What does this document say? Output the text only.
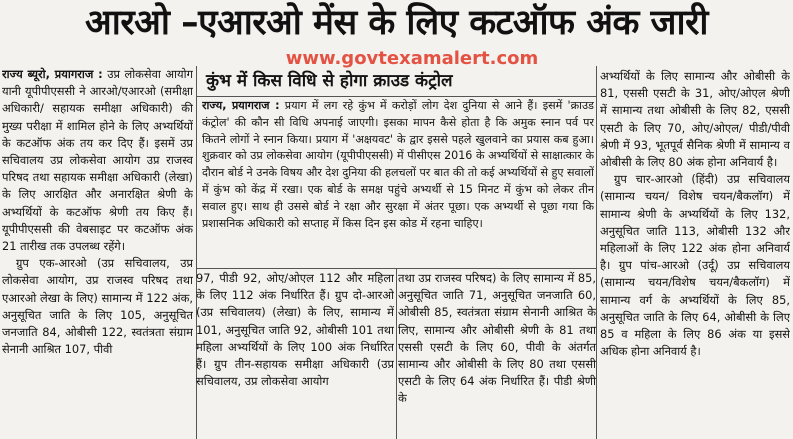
आरओ –एआरओ मेंस के लिए कटऑफ अंक जारी
www.govtexamalert.com

राज्य ब्यूरो, प्रयागराज : उप्र लोकसेवा आयोग यानी यूपीपीएससी ने आरओ/एआरओ (समीक्षा अधिकारी/ सहायक समीक्षा अधिकारी) की मुख्य परीक्षा में शामिल होने के लिए अभ्यर्थियों के कटऑफ अंक तय कर दिए हैं। इसमें उप्र सचिवालय उप्र लोकसेवा आयोग उप्र राजस्व परिषद तथा सहायक समीक्षा अधिकारी (लेखा) के लिए आरक्षित और अनारक्षित श्रेणी के अभ्यर्थियों के कटऑफ श्रेणी तय किए हैं। यूपीपीएससी की वेबसाइट पर कटऑफ अंक 21 तारीख तक उपलब्ध रहेंगे।

ग्रुप एक-आरओ (उप्र सचिवालय, उप्र लोकसेवा आयोग, उप्र राजस्व परिषद तथा एआरओ लेखा के लिए) सामान्य में 122 अंक, अनुसूचित जाति के लिए 105, अनुसूचित जनजाति 84, ओबीसी 122, स्वतंत्रता संग्राम सेनानी आश्रित 107, पीवी

कुंभ में किस विधि से होगा क्राउड कंट्रोल
राज्य, प्रयागराज : प्रयाग में लग रहे कुंभ में करोड़ों लोग देश दुनिया से आने हैं। इसमें 'क्राउड कंट्रोल' की कौन सी विधि अपनाई जाएगी। इसका मापन कैसे होता है कि अमुक स्नान पर्व पर कितने लोगों ने स्नान किया। प्रयाग में 'अक्षयवट' के द्वार इससे पहले खुलवाने का प्रयास कब हुआ। शुक्रवार को उप्र लोकसेवा आयोग (यूपीपीएससी) में पीसीएस 2016 के अभ्यर्थियों से साक्षात्कार के दौरान बोर्ड ने उनके विषय और देश दुनिया की हलचलों पर बात की तो कई अभ्यर्थियों से हुए सवालों में कुंभ को केंद्र में रखा। एक बोर्ड के समक्ष पहुंचे अभ्यर्थी से 15 मिनट में कुंभ को लेकर तीन सवाल हुए। साथ ही उससे बोर्ड ने रक्षा और सुरक्षा में अंतर पूछा। एक अभ्यर्थी से पूछा गया कि प्रशासनिक अधिकारी को सप्ताह में किस दिन इस कोड में रहना चाहिए।

97, पीडी 92, ओए/ओएल 112 और महिला के लिए 112 अंक निर्धारित हैं। ग्रुप दो-आरओ (उप्र सचिवालय) (लेखा) के लिए, सामान्य में 101, अनुसूचित जाति 92, ओबीसी 101 तथा महिला अभ्यर्थियों के लिए 100 अंक निर्धारित हैं। ग्रुप तीन-सहायक समीक्षा अधिकारी (उप्र सचिवालय, उप्र लोकसेवा आयोग

तथा उप्र राजस्व परिषद) के लिए सामान्य में 85, अनुसूचित जाति 71, अनुसूचित जनजाति 60, ओबीसी 85, स्वतंत्रता संग्राम सेनानी आश्रित के लिए, सामान्य और ओबीसी श्रेणी के 81 तथा एससी एसटी के लिए 60, पीवी के अंतर्गत सामान्य और ओबीसी के लिए 80 तथा एससी एसटी के लिए 64 अंक निर्धारित हैं। पीडी श्रेणी के

अभ्यर्थियों के लिए सामान्य और ओबीसी के 81, एससी एसटी के 31, ओए/ओएल श्रेणी में सामान्य तथा ओबीसी के लिए 82, एससी एसटी के लिए 70, ओए/ओएल/ पीडी/पीवी श्रेणी में 93, भूतपूर्व सैनिक श्रेणी में सामान्य व ओबीसी के लिए 80 अंक होना अनिवार्य है।

ग्रुप चार-आरओ (हिंदी) उप्र सचिवालय (सामान्य चयन/ विशेष चयन/बैकलॉग) में सामान्य श्रेणी के अभ्यर्थियों के लिए 132, अनुसूचित जाति 113, ओबीसी 132 और महिलाओं के लिए 122 अंक होना अनिवार्य है। ग्रुप पांच-आरओ (उर्दू) उप्र सचिवालय (सामान्य चयन/विशेष चयन/बैकलॉग) में सामान्य वर्ग के अभ्यर्थियों के लिए 85, अनुसूचित जाति के लिए 64, ओबीसी के लिए 85 व महिला के लिए 86 अंक या इससे अधिक होना अनिवार्य है।
